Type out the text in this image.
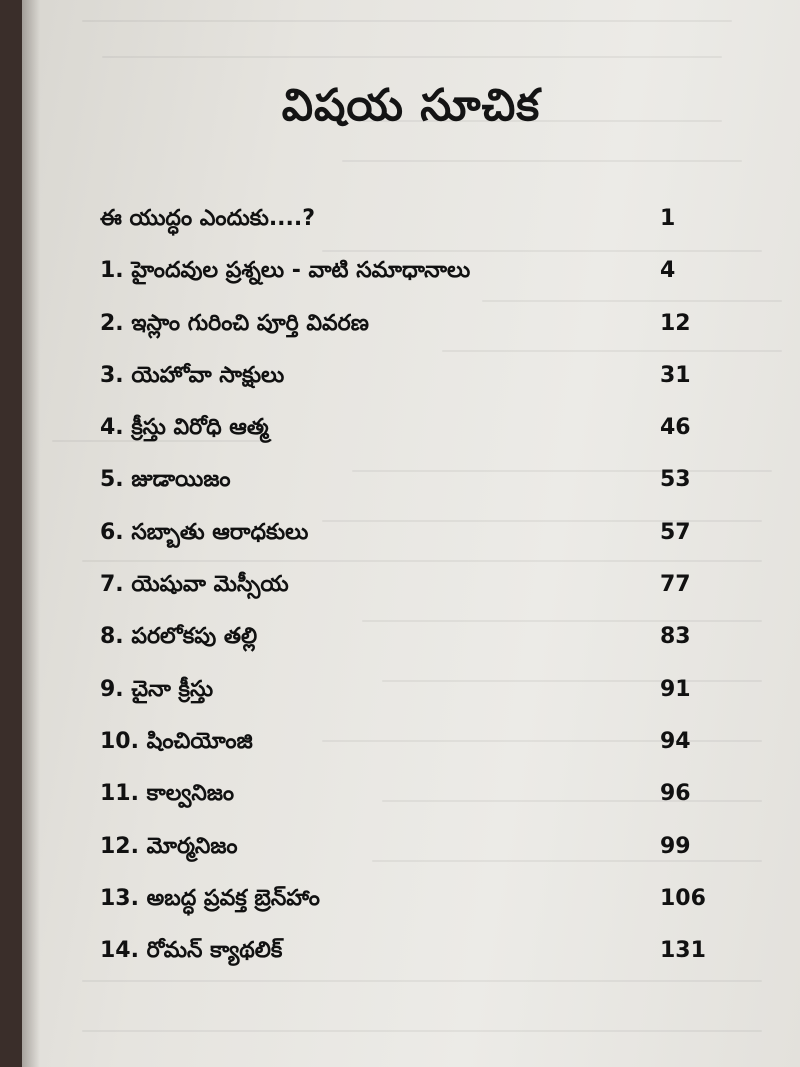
విషయ సూచిక
ఈ యుద్ధం ఎందుకు....?	1
1. హైందవుల ప్రశ్నలు - వాటి సమాధానాలు	4
2. ఇస్లాం గురించి పూర్తి వివరణ	12
3. యెహోవా సాక్షులు	31
4. క్రీస్తు విరోధి ఆత్మ	46
5. జుడాయిజం	53
6. సబ్బాతు ఆరాధకులు	57
7. యెషువా మెస్సీయ	77
8. పరలోకపు తల్లి	83
9. చైనా క్రీస్తు	91
10. షించియోంజి	94
11. కాల్వనిజం	96
12. మోర్మనిజం	99
13. అబద్ధ ప్రవక్త బ్రెన్‌హాం	106
14. రోమన్ క్యాథలిక్	131
